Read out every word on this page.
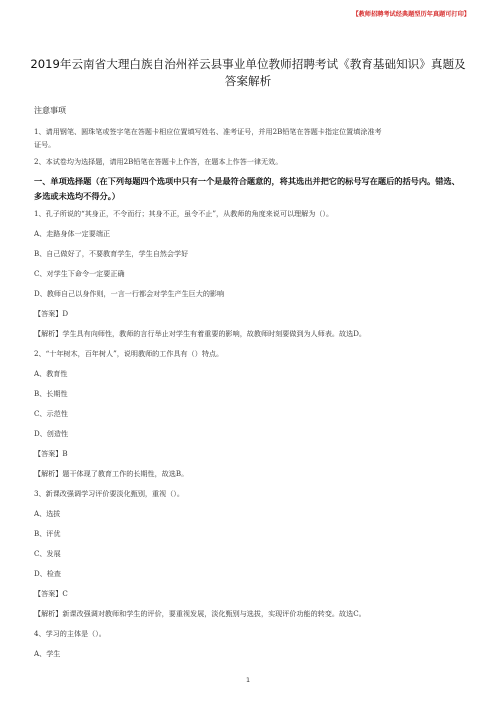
【教师招聘考试经典题型历年真题可打印】
2019年云南省大理白族自治州祥云县事业单位教师招聘考试《教育基础知识》真题及答案解析
注意事项
1、请用钢笔、圆珠笔或签字笔在答题卡相应位置填写姓名、准考证号，并用2B铅笔在答题卡指定位置填涂准考
证号。
2、本试卷均为选择题，请用2B铅笔在答题卡上作答，在题本上作答一律无效。
一、单项选择题（在下列每题四个选项中只有一个是最符合题意的，将其选出并把它的标号写在题后的括号内。错选、多选或未选均不得分。）
1、孔子所说的“其身正，不令而行；其身不正，虽令不止”，从教师的角度来说可以理解为（）。
A、走路身体一定要端正
B、自己做好了，不要教育学生，学生自然会学好
C、对学生下命令一定要正确
D、教师自己以身作则，一言一行都会对学生产生巨大的影响
【答案】D
【解析】学生具有向师性，教师的言行举止对学生有着重要的影响，故教师时刻要做到为人师表。故选D。
2、“十年树木，百年树人”，说明教师的工作具有（）特点。
A、教育性
B、长期性
C、示范性
D、创造性
【答案】B
【解析】题干体现了教育工作的长期性，故选B。
3、新课改强调学习评价要淡化甄别，重视（）。
A、选拔
B、评优
C、发展
D、检查
【答案】C
【解析】新课改强调对教师和学生的评价，要重视发展，淡化甄别与选拔，实现评价功能的转变。故选C。
4、学习的主体是（）。
A、学生
1
